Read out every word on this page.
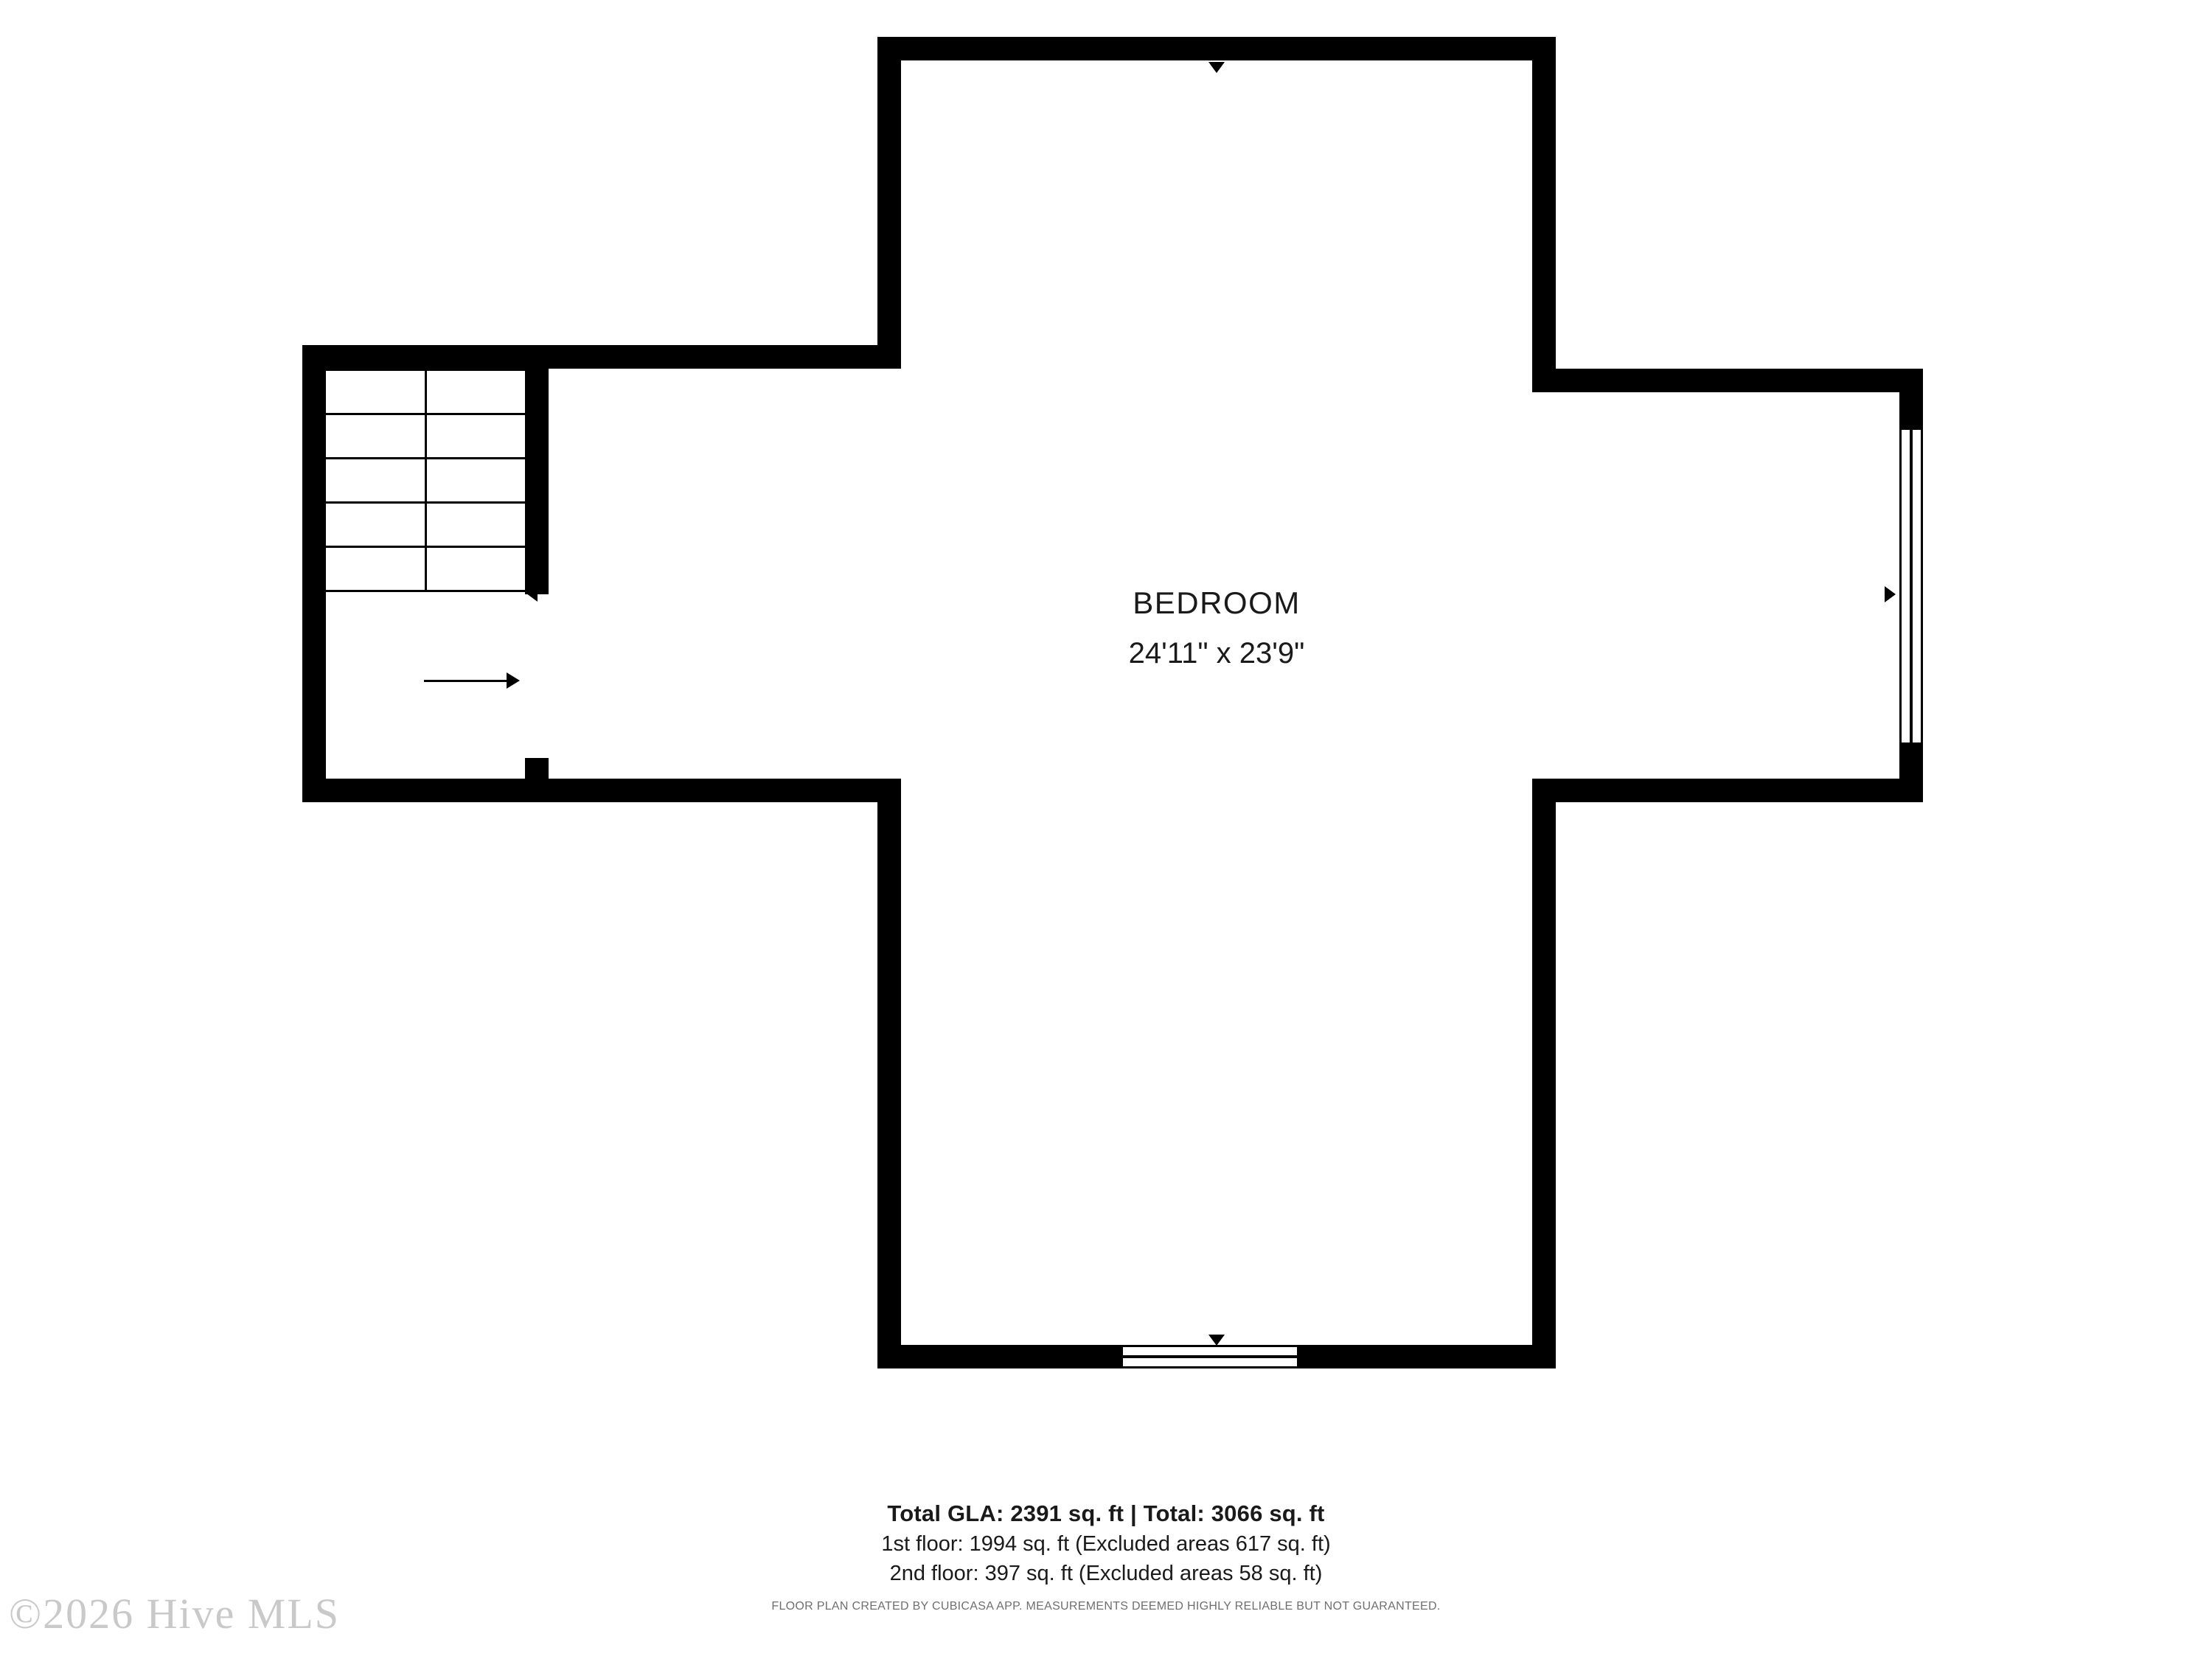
BEDROOM
24'11" x 23'9"
Total GLA: 2391 sq. ft | Total: 3066 sq. ft
1st floor: 1994 sq. ft (Excluded areas 617 sq. ft)
2nd floor: 397 sq. ft (Excluded areas 58 sq. ft)
FLOOR PLAN CREATED BY CUBICASA APP. MEASUREMENTS DEEMED HIGHLY RELIABLE BUT NOT GUARANTEED.
©2026 Hive MLS
